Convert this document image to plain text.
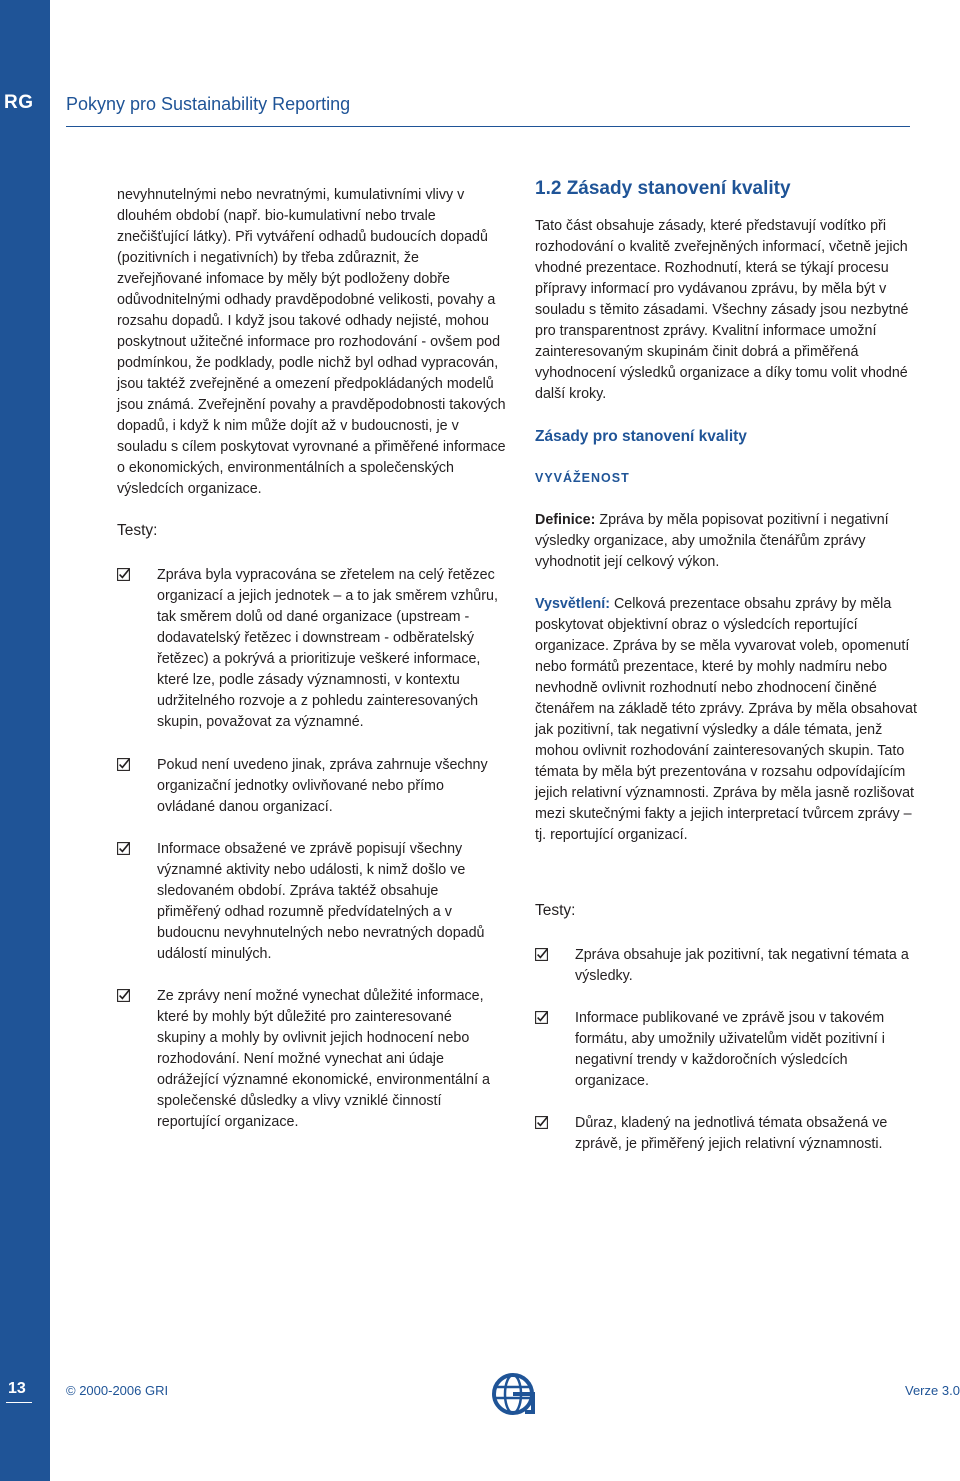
RG Pokyny pro Sustainability Reporting

nevyhnutelnými nebo nevratnými, kumulativními vlivy v dlouhém období (např. bio-kumulativní nebo trvale znečišťující látky). Při vytváření odhadů budoucích dopadů (pozitivních i negativních) by třeba zdůraznit, že zveřejňované infomace by měly být podloženy dobře odůvodnitelnými odhady pravděpodobné velikosti, povahy a rozsahu dopadů. I když jsou takové odhady nejisté, mohou poskytnout užitečné informace pro rozhodování - ovšem pod podmínkou, že podklady, podle nichž byl odhad vypracován, jsou taktéž zveřejněné a omezení předpokládaných modelů jsou známá. Zveřejnění povahy a pravděpodobnosti takových dopadů, i když k nim může dojít až v budoucnosti, je v souladu s cílem poskytovat vyrovnané a přiměřené informace o ekonomických, environmentálních a společenských výsledcích organizace.

Testy:
Zpráva byla vypracována se zřetelem na celý řetězec organizací a jejich jednotek – a to jak směrem vzhůru, tak směrem dolů od dané organizace (upstream - dodavatelský řetězec i downstream - odběratelský řetězec) a pokrývá a prioritizuje veškeré informace, které lze, podle zásady významnosti, v kontextu udržitelného rozvoje a z pohledu zainteresovaných skupin, považovat za významné.
Pokud není uvedeno jinak, zpráva zahrnuje všechny organizační jednotky ovlivňované nebo přímo ovládané danou organizací.
Informace obsažené ve zprávě popisují všechny významné aktivity nebo události, k nimž došlo ve sledovaném období. Zpráva taktéž obsahuje přiměřený odhad rozumně předvídatelných a v budoucnu nevyhnutelných nebo nevratných dopadů událostí minulých.
Ze zprávy není možné vynechat důležité informace, které by mohly být důležité pro zainteresované skupiny a mohly by ovlivnit jejich hodnocení nebo rozhodování. Není možné vynechat ani údaje odrážející významné ekonomické, environmentální a společenské důsledky a vlivy vzniklé činností reportující organizace.
1.2 Zásady stanovení kvality

Tato část obsahuje zásady, které představují vodítko při rozhodování o kvalitě zveřejněných informací, včetně jejich vhodné prezentace. Rozhodnutí, která se týkají procesu přípravy informací pro vydávanou zprávu, by měla být v souladu s těmito zásadami. Všechny zásady jsou nezbytné pro transparentnost zprávy. Kvalitní informace umožní zainteresovaným skupinám činit dobrá a přiměřená vyhodnocení výsledků organizace a díky tomu volit vhodné další kroky.

Zásady pro stanovení kvality
VYVÁŽENOST

Definice: Zpráva by měla popisovat pozitivní i negativní výsledky organizace, aby umožnila čtenářům zprávy vyhodnotit její celkový výkon.

Vysvětlení: Celková prezentace obsahu zprávy by měla poskytovat objektivní obraz o výsledcích reportující organizace. Zpráva by se měla vyvarovat voleb, opomenutí nebo formátů prezentace, které by mohly nadmíru nebo nevhodně ovlivnit rozhodnutí nebo zhodnocení činěné čtenářem na základě této zprávy. Zpráva by měla obsahovat jak pozitivní, tak negativní výsledky a dále témata, jenž mohou ovlivnit rozhodování zainteresovaných skupin. Tato témata by měla být prezentována v rozsahu odpovídajícím jejich relativní významnosti. Zpráva by měla jasně rozlišovat mezi skutečnými fakty a jejich interpretací tvůrcem zprávy – tj. reportující organizací.

Testy:
Zpráva obsahuje jak pozitivní, tak negativní témata a výsledky.
Informace publikované ve zprávě jsou v takovém formátu, aby umožnily uživatelům vidět pozitivní i negativní trendy v každoročních výsledcích organizace.
Důraz, kladený na jednotlivá témata obsažená ve zprávě, je přiměřený jejich relativní významnosti.
13	© 2000-2006 GRI	Verze 3.0
